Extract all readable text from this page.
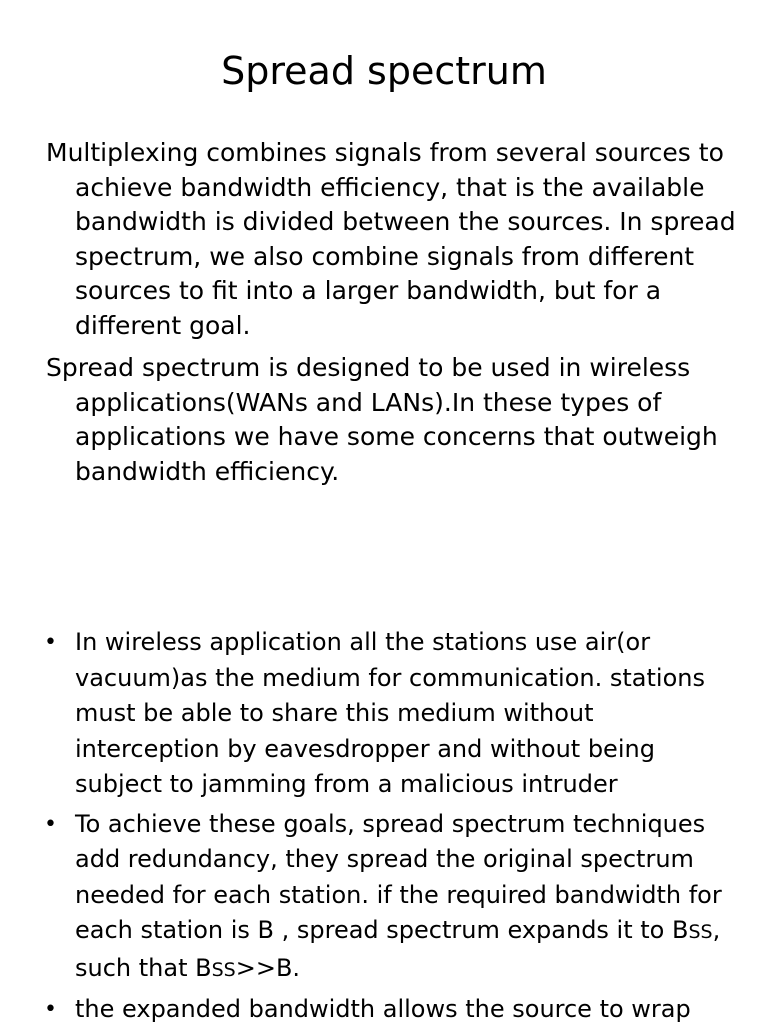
Spread spectrum
Multiplexing combines signals from several sources to achieve bandwidth efficiency, that is the available bandwidth is divided between the sources. In spread spectrum, we also combine signals from different sources to fit into a larger bandwidth, but for a different goal.
Spread spectrum is designed to be used in wireless applications(WANs and LANs).In these types of applications we have some concerns that outweigh bandwidth efficiency.
• In wireless application all the stations use air(or vacuum)as the medium for communication. stations must be able to share this medium without interception by eavesdropper and without being subject to jamming from a malicious intruder
• To achieve these goals, spread spectrum techniques add redundancy, they spread the original spectrum needed for each station. if the required bandwidth for each station is B , spread spectrum expands it to BSS, such that BSS>>B.
• the expanded bandwidth allows the source to wrap
